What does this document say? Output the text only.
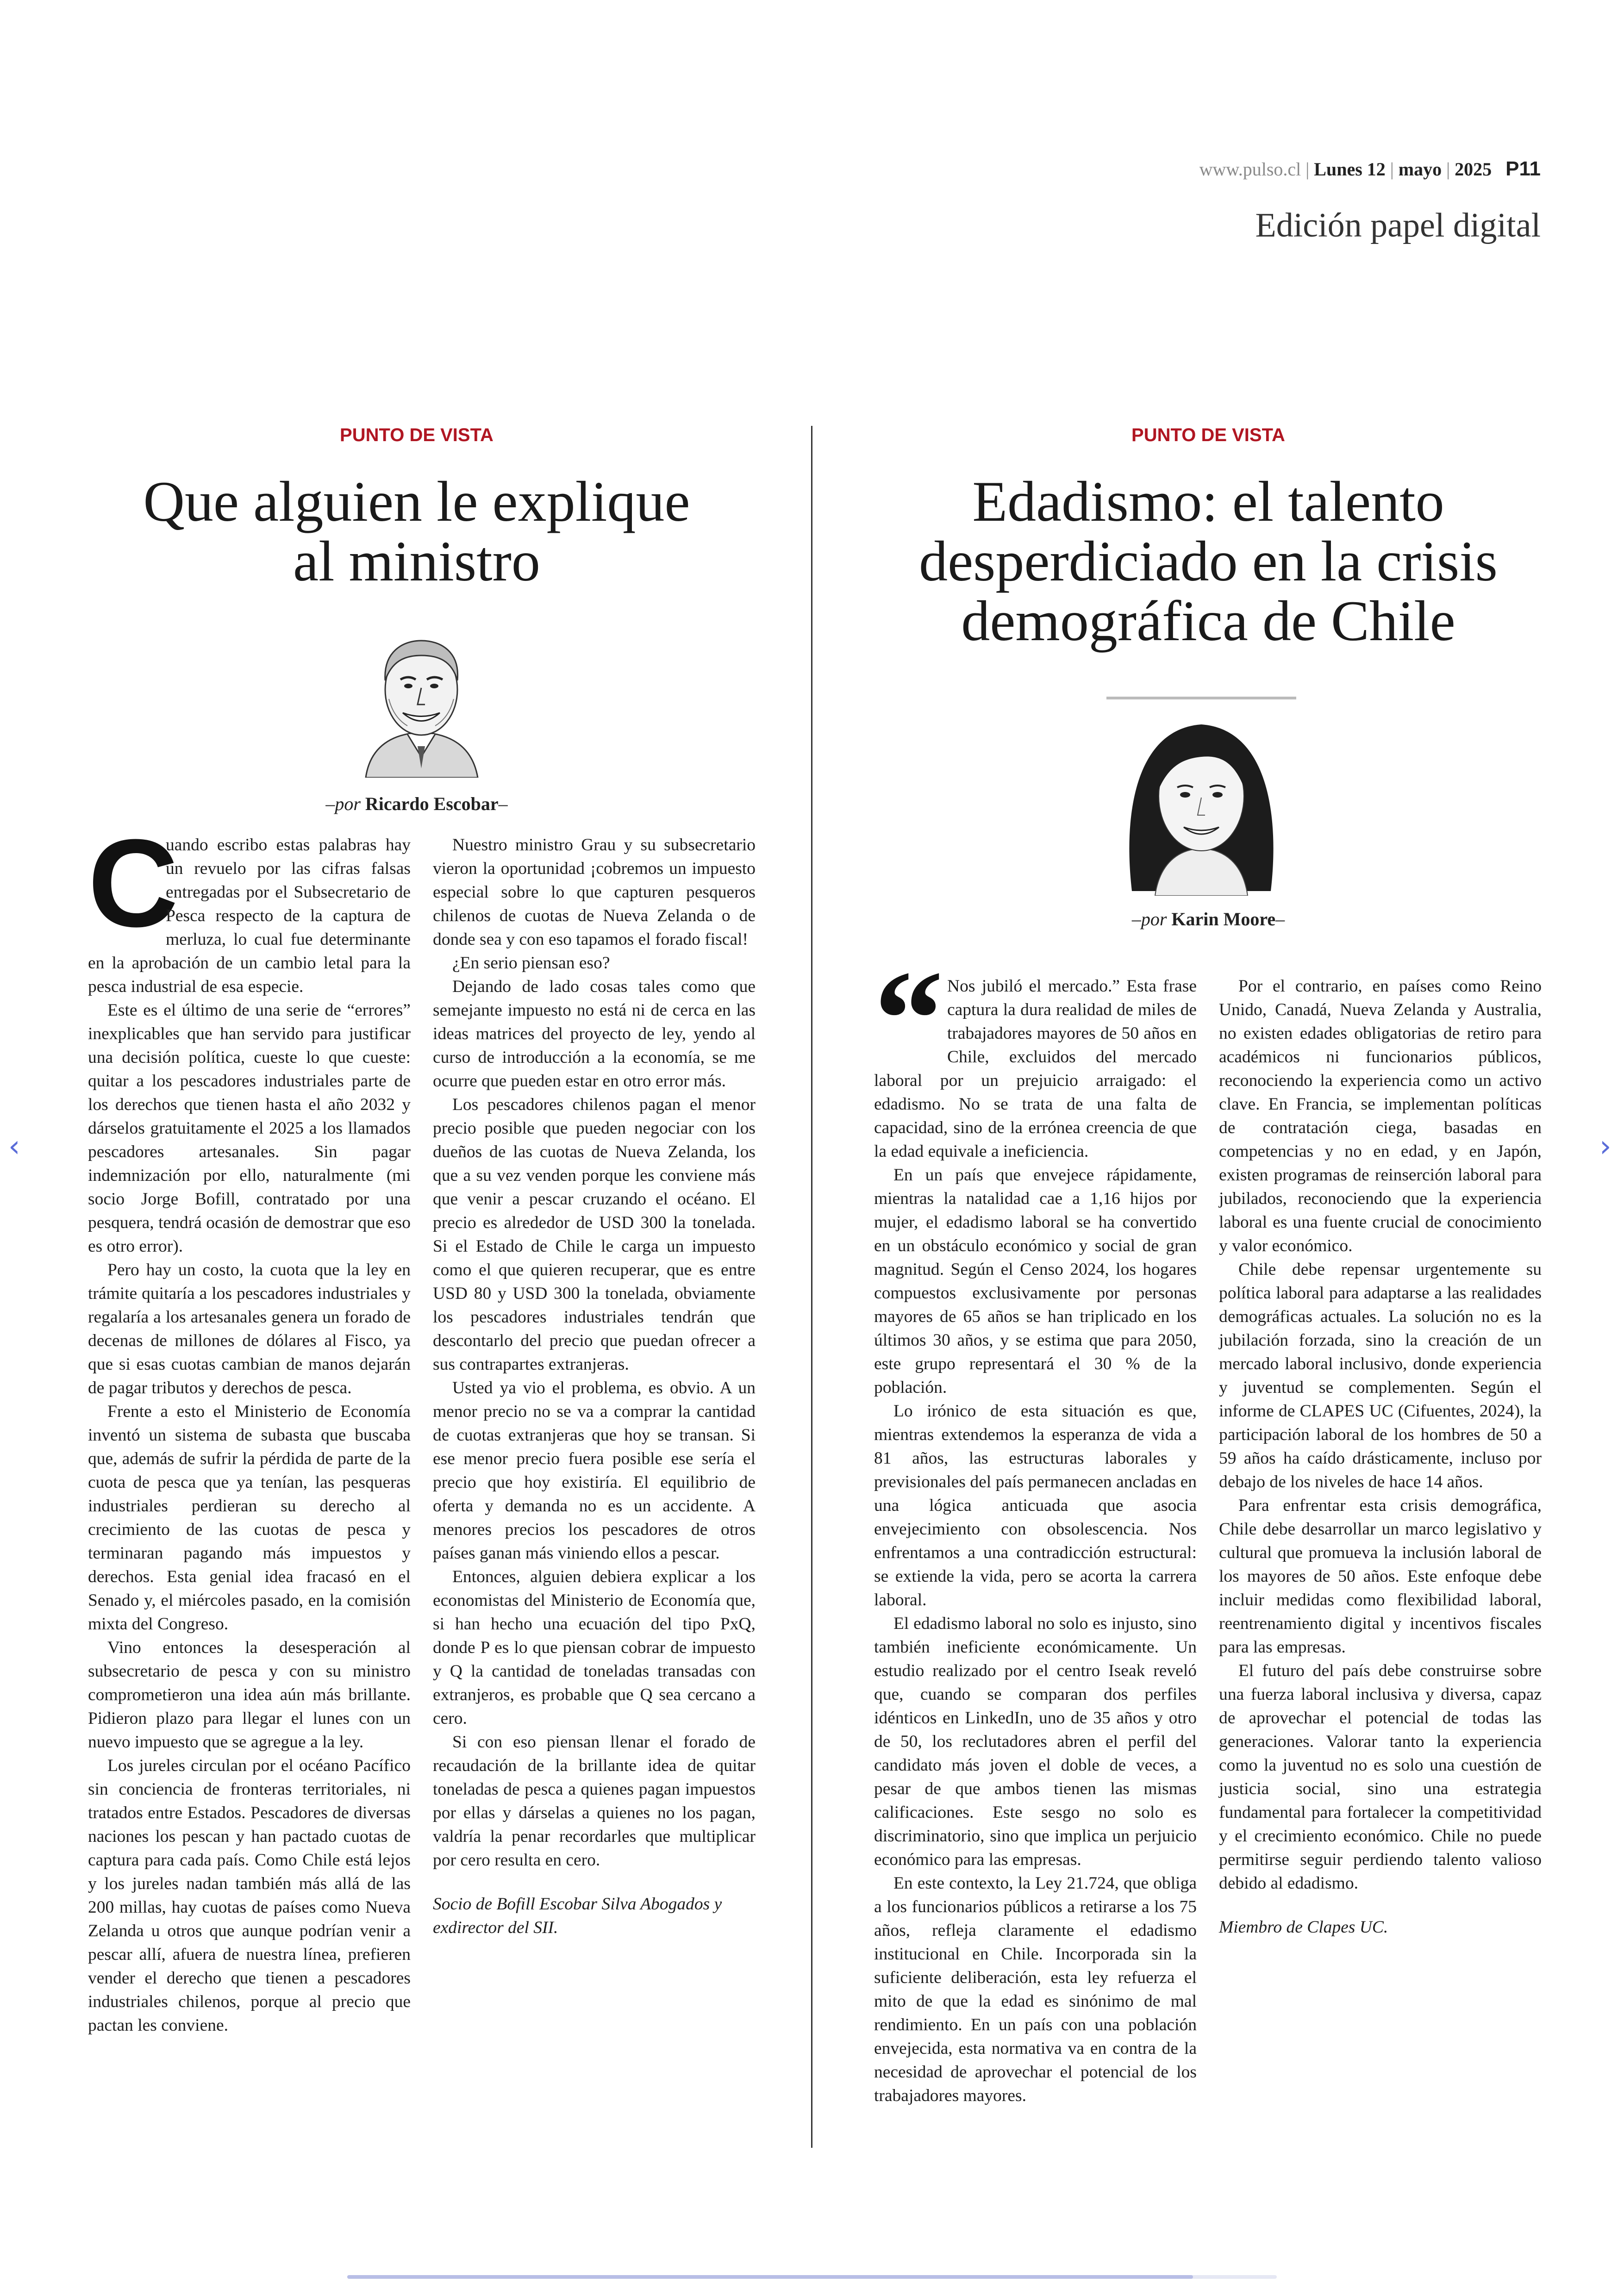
www.pulso.cl | Lunes 12 | mayo | 2025 P11
Edición papel digital
PUNTO DE VISTA
Que alguien le explique
al ministro
–por Ricardo Escobar–
C

uando escribo estas palabras hay un revuelo por las cifras falsas entregadas por el Subsecretario de Pesca respecto de la captura de merluza, lo cual fue determinante en la aprobación de un cambio letal para la pesca industrial de esa especie.

Este es el último de una serie de “errores” inexplicables que han servido para justificar una decisión política, cueste lo que cueste: quitar a los pescadores industriales parte de los derechos que tienen hasta el año 2032 y dárselos gratuitamente el 2025 a los llamados pescadores artesanales. Sin pagar indemnización por ello, naturalmente (mi socio Jorge Bofill, contratado por una pesquera, tendrá ocasión de demostrar que eso es otro error).

Pero hay un costo, la cuota que la ley en trámite quitaría a los pescadores industriales y regalaría a los artesanales genera un forado de decenas de millones de dólares al Fisco, ya que si esas cuotas cambian de manos dejarán de pagar tributos y derechos de pesca.

Frente a esto el Ministerio de Economía inventó un sistema de subasta que buscaba que, además de sufrir la pérdida de parte de la cuota de pesca que ya tenían, las pesqueras industriales perdieran su derecho al crecimiento de las cuotas de pesca y terminaran pagando más impuestos y derechos. Esta genial idea fracasó en el Senado y, el miércoles pasado, en la comisión mixta del Congreso.

Vino entonces la desesperación al subsecretario de pesca y con su ministro comprometieron una idea aún más brillante. Pidieron plazo para llegar el lunes con un nuevo impuesto que se agregue a la ley.

Los jureles circulan por el océano Pacífico sin conciencia de fronteras territoriales, ni tratados entre Estados. Pescadores de diversas naciones los pescan y han pactado cuotas de captura para cada país. Como Chile está lejos y los jureles nadan también más allá de las 200 millas, hay cuotas de países como Nueva Zelanda u otros que aunque podrían venir a pescar allí, afuera de nuestra línea, prefieren vender el derecho que tienen a pescadores industriales chilenos, porque al precio que pactan les conviene.

Nuestro ministro Grau y su subsecretario vieron la oportunidad ¡cobremos un impuesto especial sobre lo que capturen pesqueros chilenos de cuotas de Nueva Zelanda o de donde sea y con eso tapamos el forado fiscal!

¿En serio piensan eso?

Dejando de lado cosas tales como que semejante impuesto no está ni de cerca en las ideas matrices del proyecto de ley, yendo al curso de introducción a la economía, se me ocurre que pueden estar en otro error más.

Los pescadores chilenos pagan el menor precio posible que pueden negociar con los dueños de las cuotas de Nueva Zelanda, los que a su vez venden porque les conviene más que venir a pescar cruzando el océano. El precio es alrededor de USD 300 la tonelada. Si el Estado de Chile le carga un impuesto como el que quieren recuperar, que es entre USD 80 y USD 300 la tonelada, obviamente los pescadores industriales tendrán que descontarlo del precio que puedan ofrecer a sus contrapartes extranjeras.

Usted ya vio el problema, es obvio. A un menor precio no se va a comprar la cantidad de cuotas extranjeras que hoy se transan. Si ese menor precio fuera posible ese sería el precio que hoy existiría. El equilibrio de oferta y demanda no es un accidente. A menores precios los pescadores de otros países ganan más viniendo ellos a pescar.

Entonces, alguien debiera explicar a los economistas del Ministerio de Economía que, si han hecho una ecuación del tipo PxQ, donde P es lo que piensan cobrar de impuesto y Q la cantidad de toneladas transadas con extranjeros, es probable que Q sea cercano a cero.

Si con eso piensan llenar el forado de recaudación de la brillante idea de quitar toneladas de pesca a quienes pagan impuestos por ellas y dárselas a quienes no los pagan, valdría la penar recordarles que multiplicar por cero resulta en cero.

Socio de Bofill Escobar Silva Abogados y exdirector del SII.

PUNTO DE VISTA
Edadismo: el talento
desperdiciado en la crisis
demográfica de Chile
–por Karin Moore–
“ Nos jubiló el mercado.” Esta frase captura la dura realidad de miles de trabajadores mayores de 50 años en Chile, excluidos del mercado laboral por un prejuicio arraigado: el edadismo. No se trata de una falta de capacidad, sino de la errónea creencia de que la edad equivale a ineficiencia.

En un país que envejece rápidamente, mientras la natalidad cae a 1,16 hijos por mujer, el edadismo laboral se ha convertido en un obstáculo económico y social de gran magnitud. Según el Censo 2024, los hogares compuestos exclusivamente por personas mayores de 65 años se han triplicado en los últimos 30 años, y se estima que para 2050, este grupo representará el 30 % de la población.

Lo irónico de esta situación es que, mientras extendemos la esperanza de vida a 81 años, las estructuras laborales y previsionales del país permanecen ancladas en una lógica anticuada que asocia envejecimiento con obsolescencia. Nos enfrentamos a una contradicción estructural: se extiende la vida, pero se acorta la carrera laboral.

El edadismo laboral no solo es injusto, sino también ineficiente económicamente. Un estudio realizado por el centro Iseak reveló que, cuando se comparan dos perfiles idénticos en LinkedIn, uno de 35 años y otro de 50, los reclutadores abren el perfil del candidato más joven el doble de veces, a pesar de que ambos tienen las mismas calificaciones. Este sesgo no solo es discriminatorio, sino que implica un perjuicio económico para las empresas.

En este contexto, la Ley 21.724, que obliga a los funcionarios públicos a retirarse a los 75 años, refleja claramente el edadismo institucional en Chile. Incorporada sin la suficiente deliberación, esta ley refuerza el mito de que la edad es sinónimo de mal rendimiento. En un país con una población envejecida, esta normativa va en contra de la necesidad de aprovechar el potencial de los trabajadores mayores.

Por el contrario, en países como Reino Unido, Canadá, Nueva Zelanda y Australia, no existen edades obligatorias de retiro para académicos ni funcionarios públicos, reconociendo la experiencia como un activo clave. En Francia, se implementan políticas de contratación ciega, basadas en competencias y no en edad, y en Japón, existen programas de reinserción laboral para jubilados, reconociendo que la experiencia laboral es una fuente crucial de conocimiento y valor económico.

Chile debe repensar urgentemente su política laboral para adaptarse a las realidades demográficas actuales. La solución no es la jubilación forzada, sino la creación de un mercado laboral inclusivo, donde experiencia y juventud se complementen. Según el informe de CLAPES UC (Cifuentes, 2024), la participación laboral de los hombres de 50 a 59 años ha caído drásticamente, incluso por debajo de los niveles de hace 14 años.

Para enfrentar esta crisis demográfica, Chile debe desarrollar un marco legislativo y cultural que promueva la inclusión laboral de los mayores de 50 años. Este enfoque debe incluir medidas como flexibilidad laboral, reentrenamiento digital y incentivos fiscales para las empresas.

El futuro del país debe construirse sobre una fuerza laboral inclusiva y diversa, capaz de aprovechar el potencial de todas las generaciones. Valorar tanto la experiencia como la juventud no es solo una cuestión de justicia social, sino una estrategia fundamental para fortalecer la competitividad y el crecimiento económico. Chile no puede permitirse seguir perdiendo talento valioso debido al edadismo.

Miembro de Clapes UC.

‹	›
